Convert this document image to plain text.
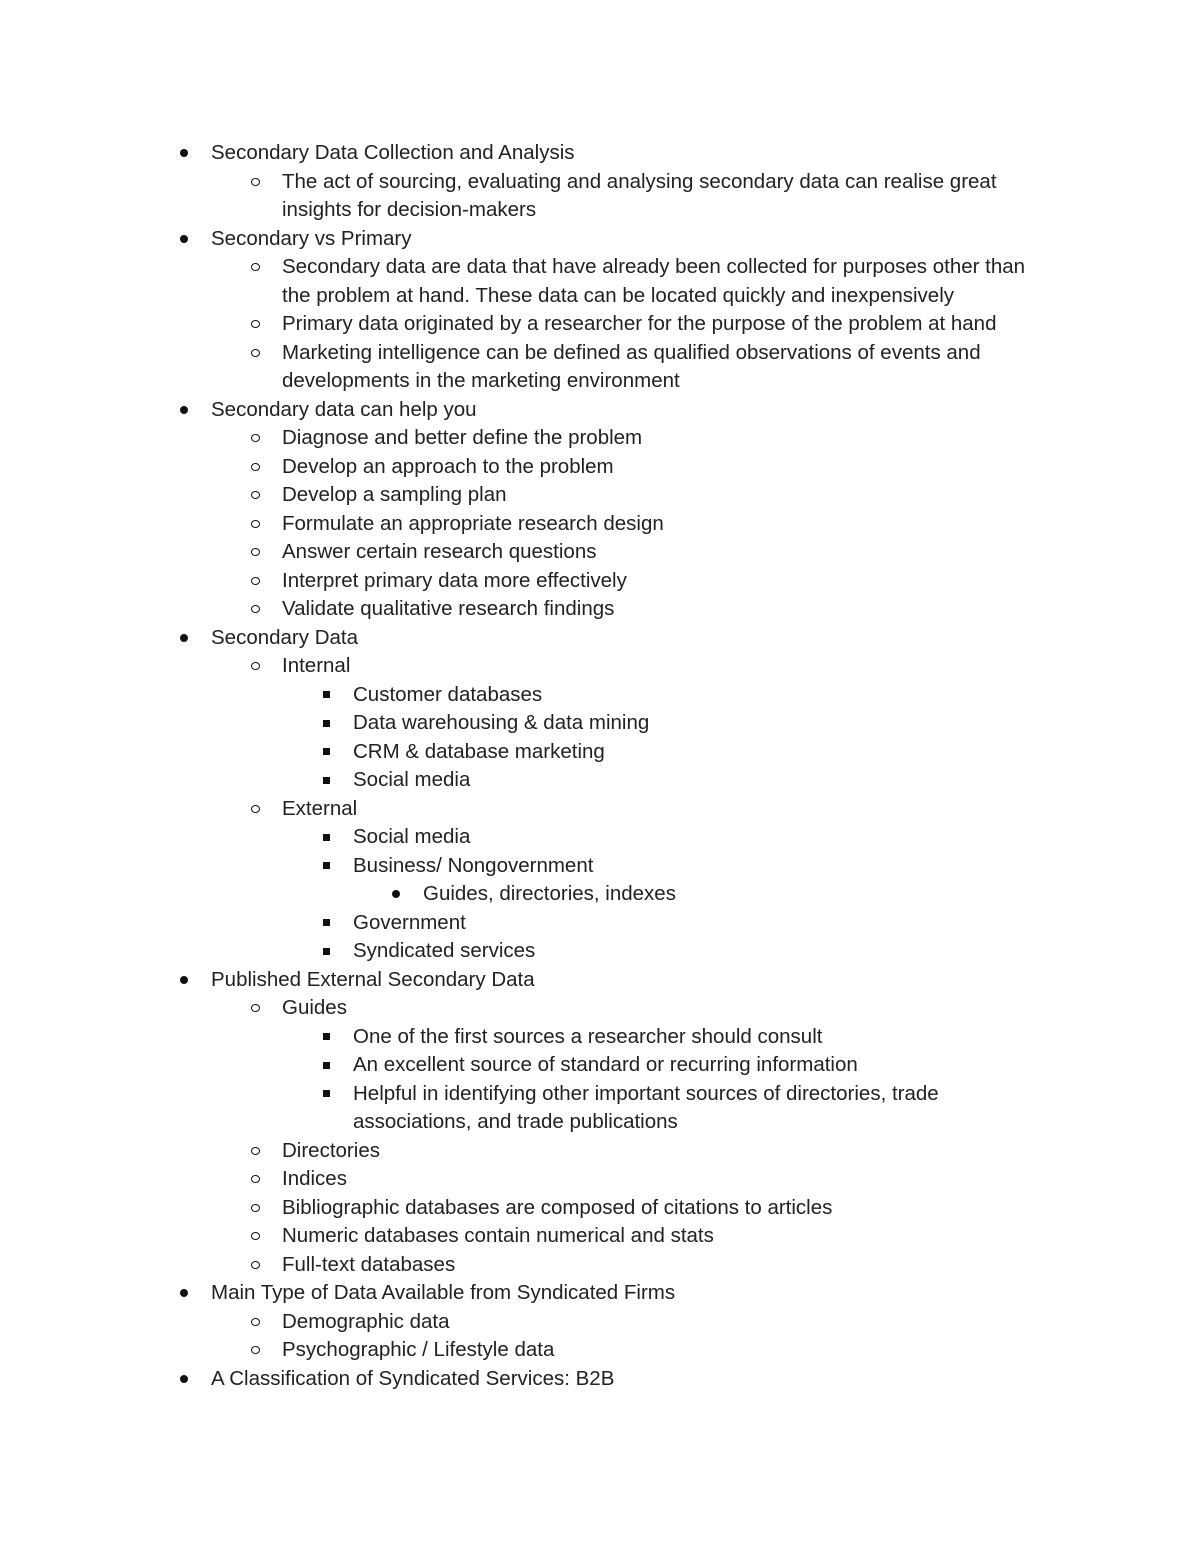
Secondary Data Collection and Analysis
The act of sourcing, evaluating and analysing secondary data can realise great insights for decision-makers
Secondary vs Primary
Secondary data are data that have already been collected for purposes other than the problem at hand. These data can be located quickly and inexpensively
Primary data originated by a researcher for the purpose of the problem at hand
Marketing intelligence can be defined as qualified observations of events and developments in the marketing environment
Secondary data can help you
Diagnose and better define the problem
Develop an approach to the problem
Develop a sampling plan
Formulate an appropriate research design
Answer certain research questions
Interpret primary data more effectively
Validate qualitative research findings
Secondary Data
Internal
Customer databases
Data warehousing & data mining
CRM & database marketing
Social media
External
Social media
Business/ Nongovernment
Guides, directories, indexes
Government
Syndicated services
Published External Secondary Data
Guides
One of the first sources a researcher should consult
An excellent source of standard or recurring information
Helpful in identifying other important sources of directories, trade associations, and trade publications
Directories
Indices
Bibliographic databases are composed of citations to articles
Numeric databases contain numerical and stats
Full-text databases
Main Type of Data Available from Syndicated Firms
Demographic data
Psychographic / Lifestyle data
A Classification of Syndicated Services: B2B
